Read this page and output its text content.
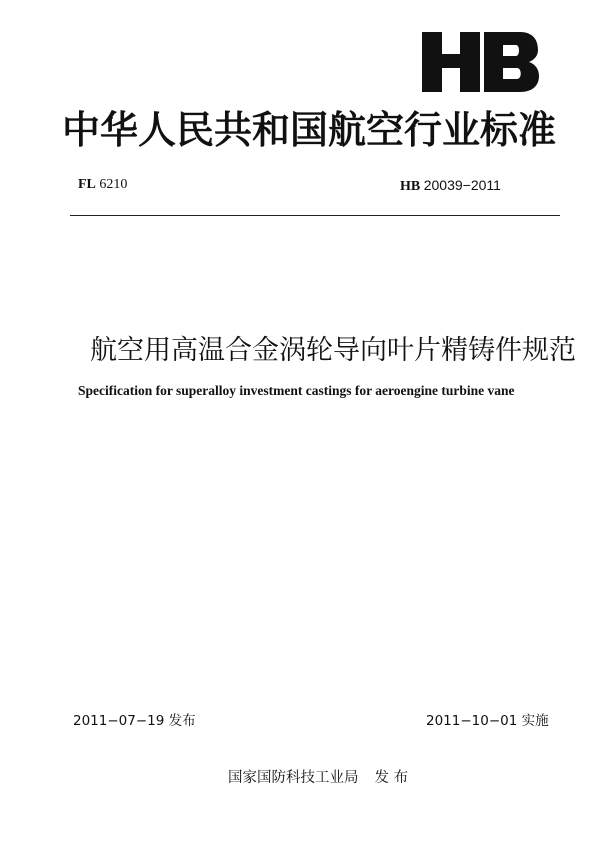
中华人民共和国航空行业标准
FL 6210	HB 20039−2011
航空用高温合金涡轮导向叶片精铸件规范
Specification for superalloy investment castings for aeroengine turbine vane
2011−07−19 发布	2011−10−01 实施
国家国防科技工业局 发 布
